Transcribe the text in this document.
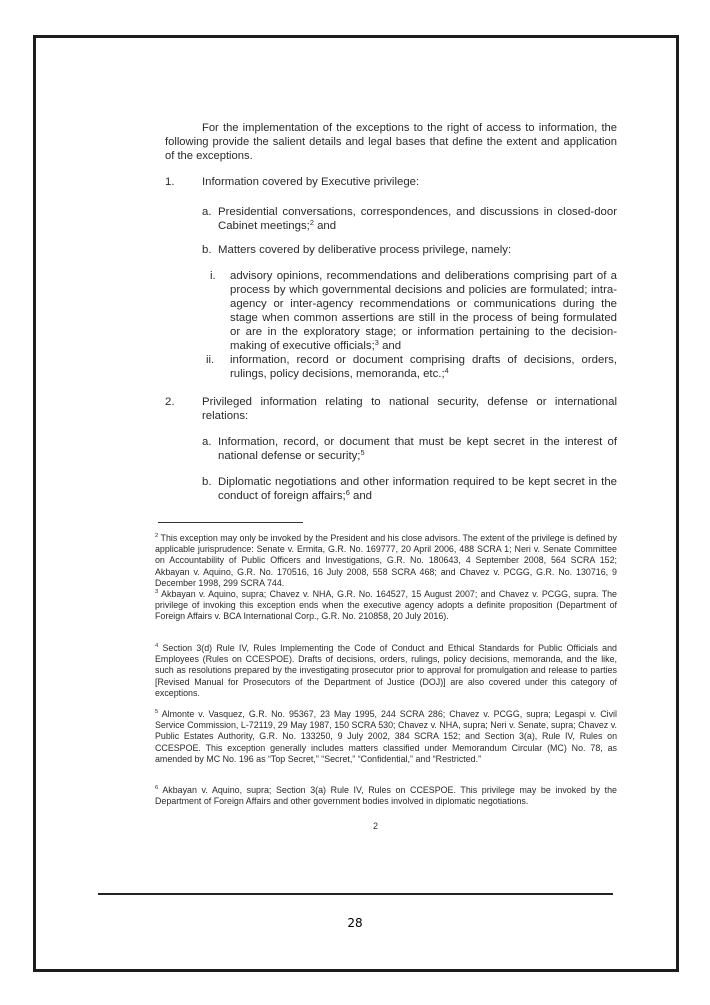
For the implementation of the exceptions to the right of access to information, the following provide the salient details and legal bases that define the extent and application of the exceptions.

1. Information covered by Executive privilege:
a. Presidential conversations, correspondences, and discussions in closed-door Cabinet meetings;$^2$ and
b. Matters covered by deliberative process privilege, namely:
i. advisory opinions, recommendations and deliberations comprising part of a process by which governmental decisions and policies are formulated; intra-agency or inter-agency recommendations or communications during the stage when common assertions are still in the process of being formulated or are in the exploratory stage; or information pertaining to the decision-making of executive officials;$^3$ and
ii. information, record or document comprising drafts of decisions, orders, rulings, policy decisions, memoranda, etc.;$^4$
2. Privileged information relating to national security, defense or international relations:
a. Information, record, or document that must be kept secret in the interest of national defense or security;$^5$
b. Diplomatic negotiations and other information required to be kept secret in the conduct of foreign affairs;$^6$ and
$^2$ This exception may only be invoked by the President and his close advisors. The extent of the privilege is defined by applicable jurisprudence: Senate v. Ermita, G.R. No. 169777, 20 April 2006, 488 SCRA 1; Neri v. Senate Committee on Accountability of Public Officers and Investigations, G.R. No. 180643, 4 September 2008, 564 SCRA 152; Akbayan v. Aquino, G.R. No. 170516, 16 July 2008, 558 SCRA 468; and Chavez v. PCGG, G.R. No. 130716, 9 December 1998, 299 SCRA 744.
$^3$ Akbayan v. Aquino, supra; Chavez v. NHA, G.R. No. 164527, 15 August 2007; and Chavez v. PCGG, supra. The privilege of invoking this exception ends when the executive agency adopts a definite proposition (Department of Foreign Affairs v. BCA International Corp., G.R. No. 210858, 20 July 2016).
$^4$ Section 3(d) Rule IV, Rules Implementing the Code of Conduct and Ethical Standards for Public Officials and Employees (Rules on CCESPOE). Drafts of decisions, orders, rulings, policy decisions, memoranda, and the like, such as resolutions prepared by the investigating prosecutor prior to approval for promulgation and release to parties [Revised Manual for Prosecutors of the Department of Justice (DOJ)] are also covered under this category of exceptions.
$^5$ Almonte v. Vasquez, G.R. No. 95367, 23 May 1995, 244 SCRA 286; Chavez v. PCGG, supra; Legaspi v. Civil Service Commission, L-72119, 29 May 1987, 150 SCRA 530; Chavez v. NHA, supra; Neri v. Senate, supra; Chavez v. Public Estates Authority, G.R. No. 133250, 9 July 2002, 384 SCRA 152; and Section 3(a), Rule IV, Rules on CCESPOE. This exception generally includes matters classified under Memorandum Circular (MC) No. 78, as amended by MC No. 196 as “Top Secret,” “Secret,” “Confidential,” and “Restricted.”
$^6$ Akbayan v. Aquino, supra; Section 3(a) Rule IV, Rules on CCESPOE. This privilege may be invoked by the Department of Foreign Affairs and other government bodies involved in diplomatic negotiations.
2
28
